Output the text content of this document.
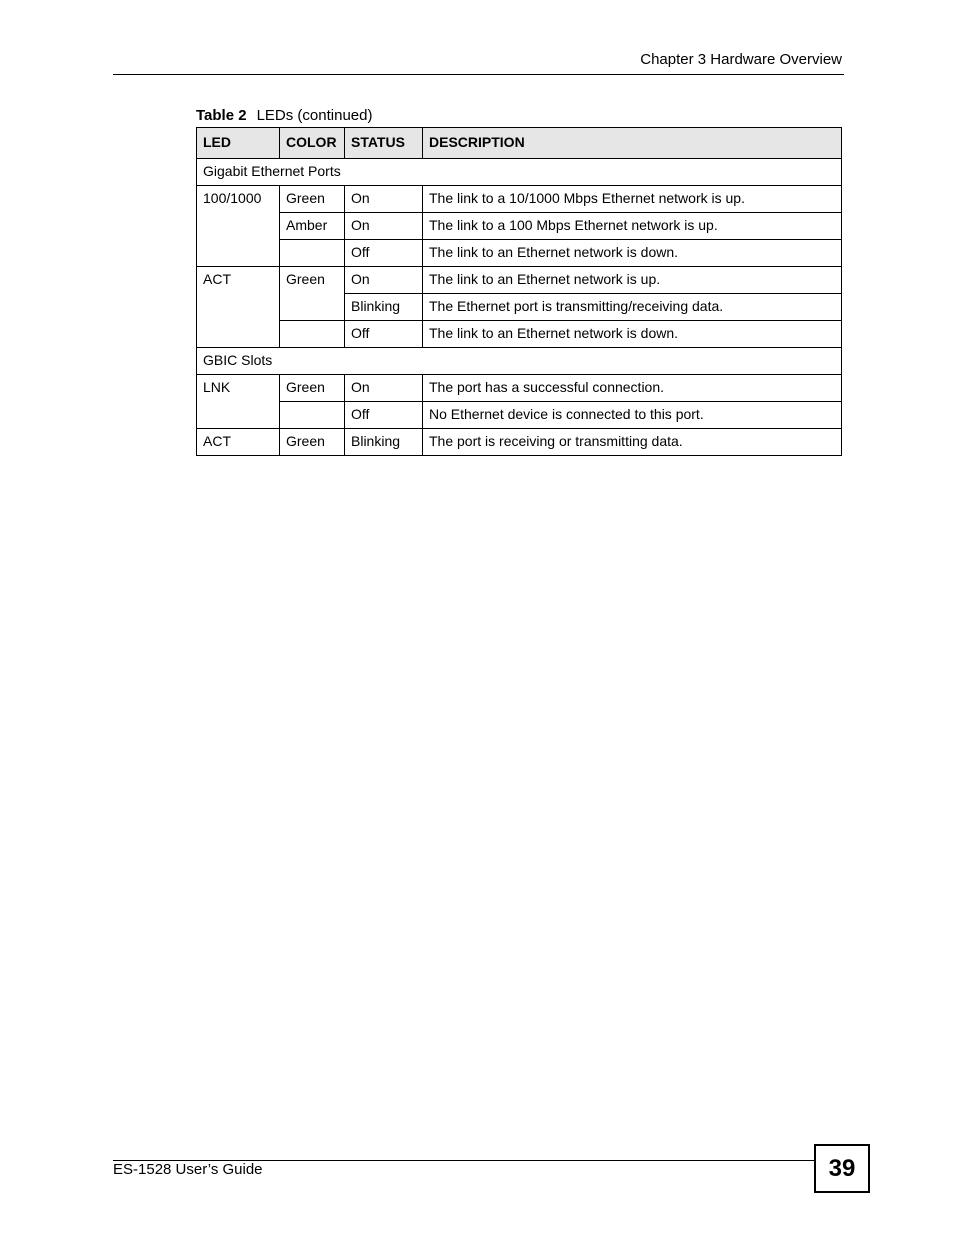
Chapter 3 Hardware Overview
Table 2 LEDs (continued)
LED	COLOR	STATUS	DESCRIPTION
Gigabit Ethernet Ports			
100/1000	Green	On	The link to a 10/1000 Mbps Ethernet network is up.
	Amber	On	The link to a 100 Mbps Ethernet network is up.
		Off	The link to an Ethernet network is down.
ACT	Green	On	The link to an Ethernet network is up.
		Blinking	The Ethernet port is transmitting/receiving data.
		Off	The link to an Ethernet network is down.
GBIC Slots			
LNK	Green	On	The port has a successful connection.
		Off	No Ethernet device is connected to this port.
ACT	Green	Blinking	The port is receiving or transmitting data.
ES-1528 User’s Guide	39
